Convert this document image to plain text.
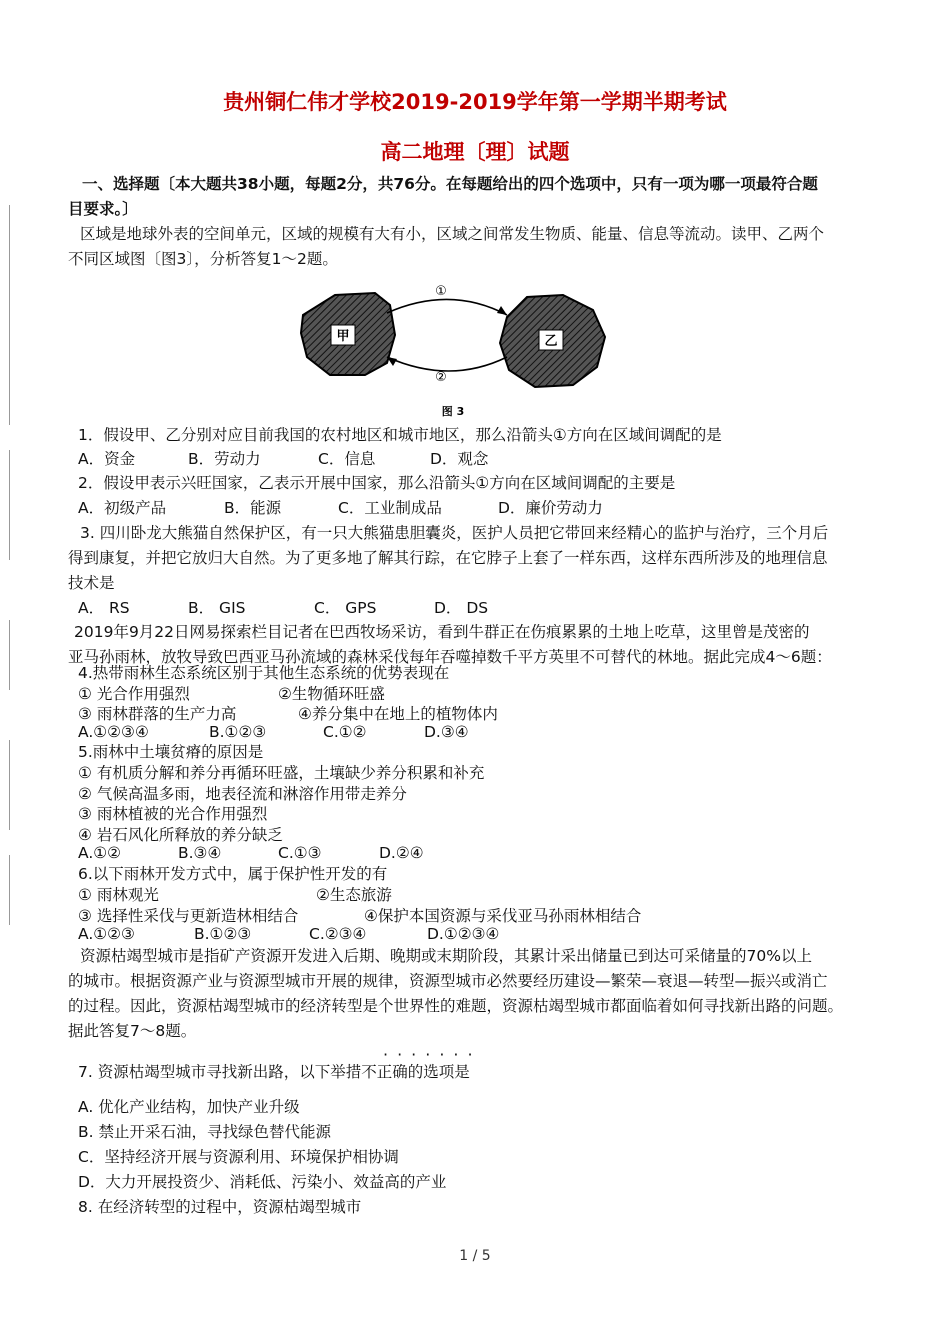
贵州铜仁伟才学校2019-2019学年第一学期半期考试
高二地理〔理〕试题

一、选择题〔本大题共38小题，每题2分，共76分。在每题给出的四个选项中，只有一项为哪一项最符合题
目要求。〕

区域是地球外表的空间单元，区域的规模有大有小，区域之间常发生物质、能量、信息等流动。读甲、乙两个
不同区域图〔图3〕，分析答复1～2题。

甲	乙
①
②
图 3
1．假设甲、乙分别对应目前我国的农村地区和城市地区，那么沿箭头①方向在区域间调配的是
A．资金	B．劳动力	C．信息	D．观念
2．假设甲表示兴旺国家，乙表示开展中国家，那么沿箭头①方向在区域间调配的主要是
A．初级产品	B．能源	C．工业制成品	D．廉价劳动力

3. 四川卧龙大熊猫自然保护区，有一只大熊猫患胆囊炎，医护人员把它带回来经精心的监护与治疗，三个月后
得到康复，并把它放归大自然。为了更多地了解其行踪，在它脖子上套了一样东西，这样东西所涉及的地理信息
技术是

A． RS	B． GIS	C． GPS	D． DS

2019年9月22日网易探索栏目记者在巴西牧场采访，看到牛群正在伤痕累累的土地上吃草，这里曾是茂密的
亚马孙雨林，放牧导致巴西亚马孙流域的森林采伐每年吞噬掉数千平方英里不可替代的林地。据此完成4～6题：

4.热带雨林生态系统区别于其他生态系统的优势表现在
① 光合作用强烈	②生物循环旺盛
③ 雨林群落的生产力高	④养分集中在地上的植物体内
A.①②③④	B.①②③	C.①②	D.③④
5.雨林中土壤贫瘠的原因是
① 有机质分解和养分再循环旺盛，土壤缺少养分积累和补充
② 气候高温多雨，地表径流和淋溶作用带走养分
③ 雨林植被的光合作用强烈
④ 岩石风化所释放的养分缺乏
A.①②	B.③④	C.①③	D.②④
6.以下雨林开发方式中，属于保护性开发的有
① 雨林观光	②生态旅游
③ 选择性采伐与更新造林相结合	④保护本国资源与采伐亚马孙雨林相结合
A.①②③	B.①②③	C.②③④	D.①②③④

资源枯竭型城市是指矿产资源开发进入后期、晚期或末期阶段，其累计采出储量已到达可采储量的70%以上
的城市。根据资源产业与资源型城市开展的规律，资源型城市必然要经历建设—繁荣—衰退—转型—振兴或消亡
的过程。因此，资源枯竭型城市的经济转型是个世界性的难题，资源枯竭型城市都面临着如何寻找新出路的问题。
据此答复7～8题。

·······
7. 资源枯竭型城市寻找新出路，以下举措不正确的选项是
A. 优化产业结构，加快产业升级
B. 禁止开采石油，寻找绿色替代能源
C．坚持经济开展与资源利用、环境保护相协调
D．大力开展投资少、消耗低、污染小、效益高的产业
8. 在经济转型的过程中，资源枯竭型城市
1 / 5
